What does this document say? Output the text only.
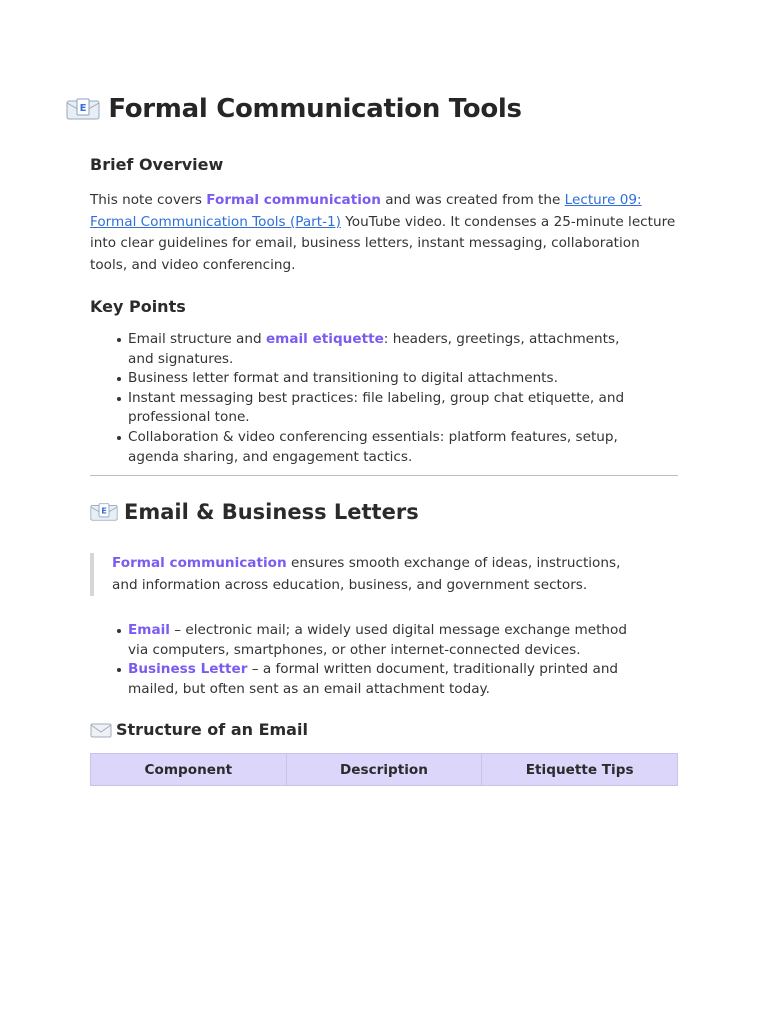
E Formal Communication Tools
Brief Overview
This note covers Formal communication and was created from the Lecture 09: Formal Communication Tools (Part-1) YouTube video. It condenses a 25-minute lecture into clear guidelines for email, business letters, instant messaging, collaboration tools, and video conferencing.
Key Points
Email structure and email etiquette: headers, greetings, attachments, and signatures.
Business letter format and transitioning to digital attachments.
Instant messaging best practices: file labeling, group chat etiquette, and professional tone.
Collaboration & video conferencing essentials: platform features, setup, agenda sharing, and engagement tactics.
E Email & Business Letters
Formal communication ensures smooth exchange of ideas, instructions, and information across education, business, and government sectors.
Email – electronic mail; a widely used digital message exchange method via computers, smartphones, or other internet-connected devices.
Business Letter – a formal written document, traditionally printed and mailed, but often sent as an email attachment today.
Structure of an Email
Component	Description	Etiquette Tips
